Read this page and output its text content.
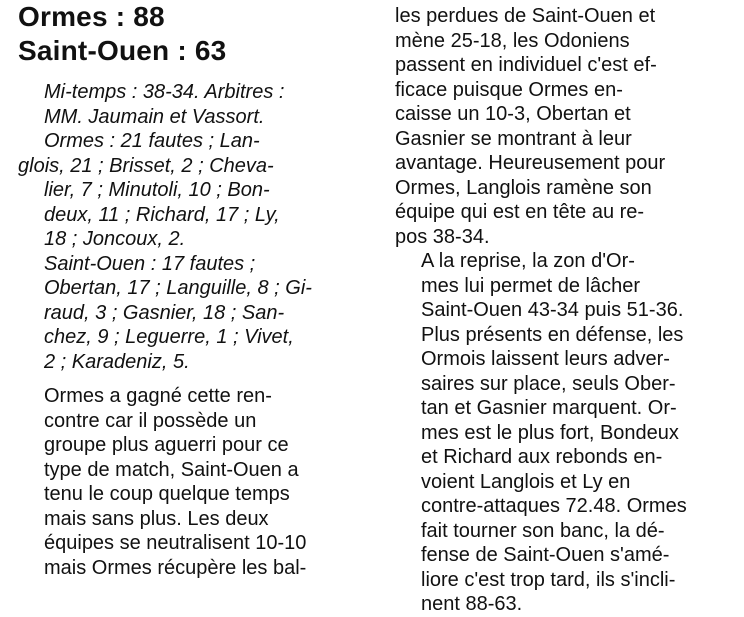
Ormes : 88
Saint-Ouen : 63

Mi-temps : 38-34. Arbitres :
MM. Jaumain et Vassort.

Ormes : 21 fautes ; Lan-
glois, 21 ; Brisset, 2 ; Cheva-
lier, 7 ; Minutoli, 10 ; Bon-
deux, 11 ; Richard, 17 ; Ly,
18 ; Joncoux, 2.

Saint-Ouen : 17 fautes ;
Obertan, 17 ; Languille, 8 ; Gi-
raud, 3 ; Gasnier, 18 ; San-
chez, 9 ; Leguerre, 1 ; Vivet,
2 ; Karadeniz, 5.

Ormes a gagné cette ren-
contre car il possède un
groupe plus aguerri pour ce
type de match, Saint-Ouen a
tenu le coup quelque temps
mais sans plus. Les deux
équipes se neutralisent 10-10
mais Ormes récupère les bal-

les perdues de Saint-Ouen et
mène 25-18, les Odoniens
passent en individuel c'est ef-
ficace puisque Ormes en-
caisse un 10-3, Obertan et
Gasnier se montrant à leur
avantage. Heureusement pour
Ormes, Langlois ramène son
équipe qui est en tête au re-
pos 38-34.

A la reprise, la zon d'Or-
mes lui permet de lâcher
Saint-Ouen 43-34 puis 51-36.
Plus présents en défense, les
Ormois laissent leurs adver-
saires sur place, seuls Ober-
tan et Gasnier marquent. Or-
mes est le plus fort, Bondeux
et Richard aux rebonds en-
voient Langlois et Ly en
contre-attaques 72.48. Ormes
fait tourner son banc, la dé-
fense de Saint-Ouen s'amé-
liore c'est trop tard, ils s'incli-
nent 88-63.
